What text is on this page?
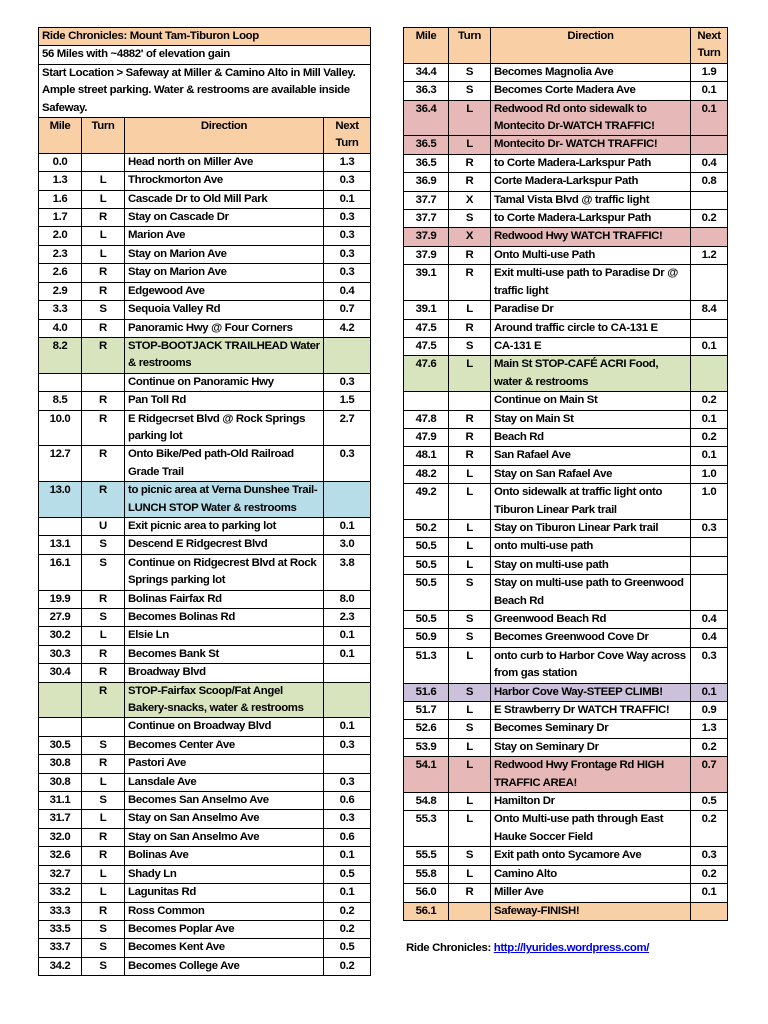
Ride Chronicles: Mount Tam-Tiburon Loop			
56 Miles with ~4882' of elevation gain			
Start Location > Safeway at Miller & Camino Alto in Mill Valley. Ample street parking. Water & restrooms are available inside Safeway.			
Mile	Turn	Direction	Next Turn
0.0		Head north on Miller Ave	1.3
1.3	L	Throckmorton Ave	0.3
1.6	L	Cascade Dr to Old Mill Park	0.1
1.7	R	Stay on Cascade Dr	0.3
2.0	L	Marion Ave	0.3
2.3	L	Stay on Marion Ave	0.3
2.6	R	Stay on Marion Ave	0.3
2.9	R	Edgewood Ave	0.4
3.3	S	Sequoia Valley Rd	0.7
4.0	R	Panoramic Hwy @ Four Corners	4.2
8.2	R	STOP-BOOTJACK TRAILHEAD Water & restrooms	
		Continue on Panoramic Hwy	0.3
8.5	R	Pan Toll Rd	1.5
10.0	R	E Ridgecrset Blvd @ Rock Springs parking lot	2.7
12.7	R	Onto Bike/Ped path-Old Railroad Grade Trail	0.3
13.0	R	to picnic area at Verna Dunshee Trail-LUNCH STOP Water & restrooms	
	U	Exit picnic area to parking lot	0.1
13.1	S	Descend E Ridgecrest Blvd	3.0
16.1	S	Continue on Ridgecrest Blvd at Rock Springs parking lot	3.8
19.9	R	Bolinas Fairfax Rd	8.0
27.9	S	Becomes Bolinas Rd	2.3
30.2	L	Elsie Ln	0.1
30.3	R	Becomes Bank St	0.1
30.4	R	Broadway Blvd	
	R	STOP-Fairfax Scoop/Fat Angel Bakery-snacks, water & restrooms	
		Continue on Broadway Blvd	0.1
30.5	S	Becomes Center Ave	0.3
30.8	R	Pastori Ave	
30.8	L	Lansdale Ave	0.3
31.1	S	Becomes San Anselmo Ave	0.6
31.7	L	Stay on San Anselmo Ave	0.3
32.0	R	Stay on San Anselmo Ave	0.6
32.6	R	Bolinas Ave	0.1
32.7	L	Shady Ln	0.5
33.2	L	Lagunitas Rd	0.1
33.3	R	Ross Common	0.2
33.5	S	Becomes Poplar Ave	0.2
33.7	S	Becomes Kent Ave	0.5
34.2	S	Becomes College Ave	0.2
Mile	Turn	Direction	Next Turn
34.4	S	Becomes Magnolia Ave	1.9
36.3	S	Becomes Corte Madera Ave	0.1
36.4	L	Redwood Rd onto sidewalk to Montecito Dr-WATCH TRAFFIC!	0.1
36.5	L	Montecito Dr- WATCH TRAFFIC!	
36.5	R	to Corte Madera-Larkspur Path	0.4
36.9	R	Corte Madera-Larkspur Path	0.8
37.7	X	Tamal Vista Blvd @ traffic light	
37.7	S	to Corte Madera-Larkspur Path	0.2
37.9	X	Redwood Hwy WATCH TRAFFIC!	
37.9	R	Onto Multi-use Path	1.2
39.1	R	Exit multi-use path to Paradise Dr @ traffic light	
39.1	L	Paradise Dr	8.4
47.5	R	Around traffic circle to CA-131 E	
47.5	S	CA-131 E	0.1
47.6	L	Main St STOP-CAFÉ ACRI Food, water & restrooms	
		Continue on Main St	0.2
47.8	R	Stay on Main St	0.1
47.9	R	Beach Rd	0.2
48.1	R	San Rafael Ave	0.1
48.2	L	Stay on San Rafael Ave	1.0
49.2	L	Onto sidewalk at traffic light onto Tiburon Linear Park trail	1.0
50.2	L	Stay on Tiburon Linear Park trail	0.3
50.5	L	onto multi-use path	
50.5	L	Stay on multi-use path	
50.5	S	Stay on multi-use path to Greenwood Beach Rd	
50.5	S	Greenwood Beach Rd	0.4
50.9	S	Becomes Greenwood Cove Dr	0.4
51.3	L	onto curb to Harbor Cove Way across from gas station	0.3
51.6	S	Harbor Cove Way-STEEP CLIMB!	0.1
51.7	L	E Strawberry Dr WATCH TRAFFIC!	0.9
52.6	S	Becomes Seminary Dr	1.3
53.9	L	Stay on Seminary Dr	0.2
54.1	L	Redwood Hwy Frontage Rd HIGH TRAFFIC AREA!	0.7
54.8	L	Hamilton Dr	0.5
55.3	L	Onto Multi-use path through East Hauke Soccer Field	0.2
55.5	S	Exit path onto Sycamore Ave	0.3
55.8	L	Camino Alto	0.2
56.0	R	Miller Ave	0.1
56.1		Safeway-FINISH!	
Ride Chronicles: http://lyurides.wordpress.com/
